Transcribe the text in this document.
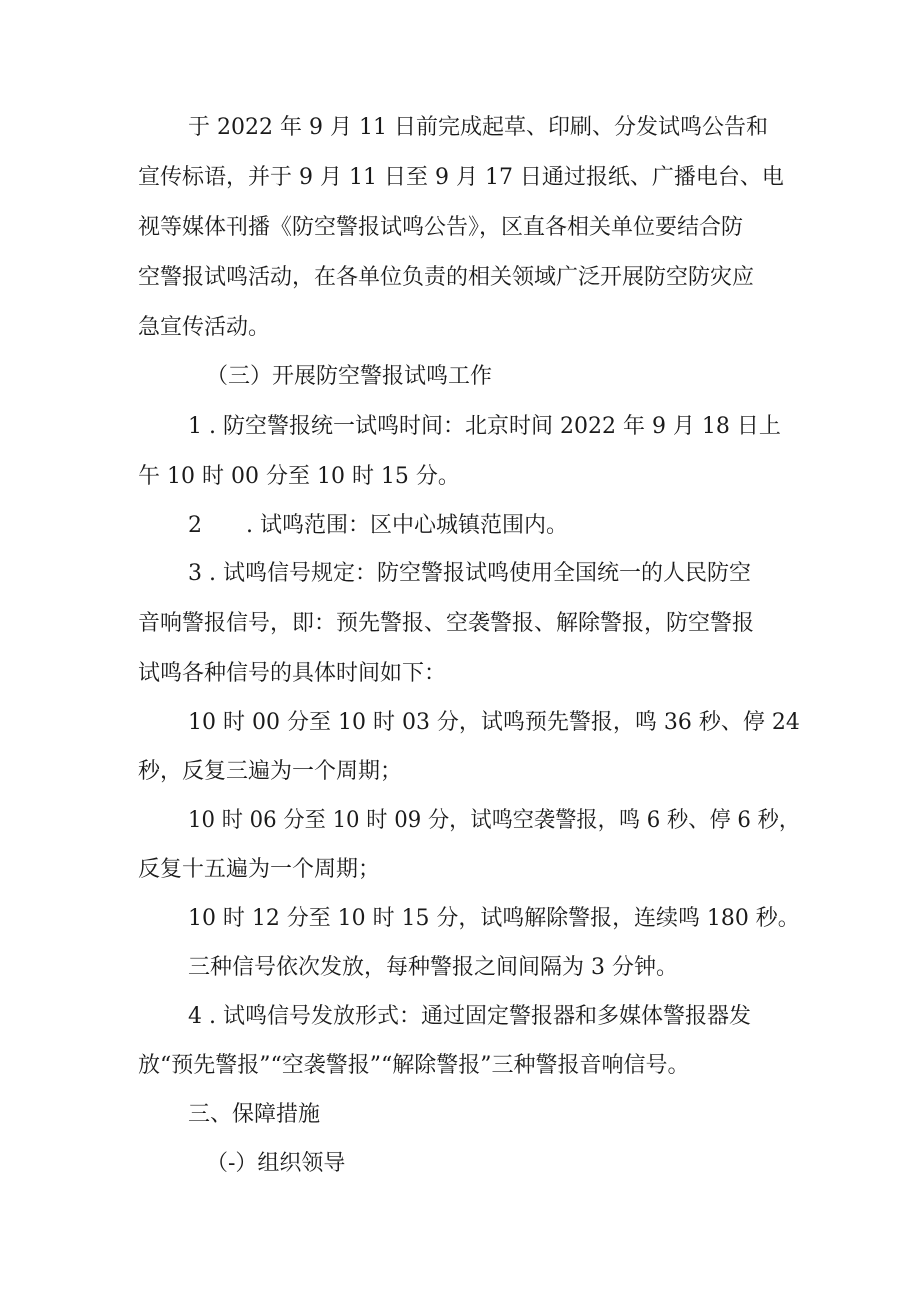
于 2022 年 9 月 11 日前完成起草、印刷、分发试鸣公告和

宣传标语，并于 9 月 11 日至 9 月 17 日通过报纸、广播电台、电

视等媒体刊播《防空警报试鸣公告》，区直各相关单位要结合防

空警报试鸣活动，在各单位负责的相关领域广泛开展防空防灾应

急宣传活动。

（三）开展防空警报试鸣工作

1 . 防空警报统一试鸣时间：北京时间 2022 年 9 月 18 日上

午 10 时 00 分至 10 时 15 分。

2　　. 试鸣范围：区中心城镇范围内。

3 . 试鸣信号规定：防空警报试鸣使用全国统一的人民防空

音响警报信号，即：预先警报、空袭警报、解除警报，防空警报

试鸣各种信号的具体时间如下：

10 时 00 分至 10 时 03 分，试鸣预先警报，鸣 36 秒、停 24

秒，反复三遍为一个周期；

10 时 06 分至 10 时 09 分，试鸣空袭警报，鸣 6 秒、停 6 秒，

反复十五遍为一个周期；

10 时 12 分至 10 时 15 分，试鸣解除警报，连续鸣 180 秒。

三种信号依次发放，每种警报之间间隔为 3 分钟。

4 . 试鸣信号发放形式：通过固定警报器和多媒体警报器发

放“预先警报”“空袭警报”“解除警报”三种警报音响信号。

三、保障措施

（-）组织领导
